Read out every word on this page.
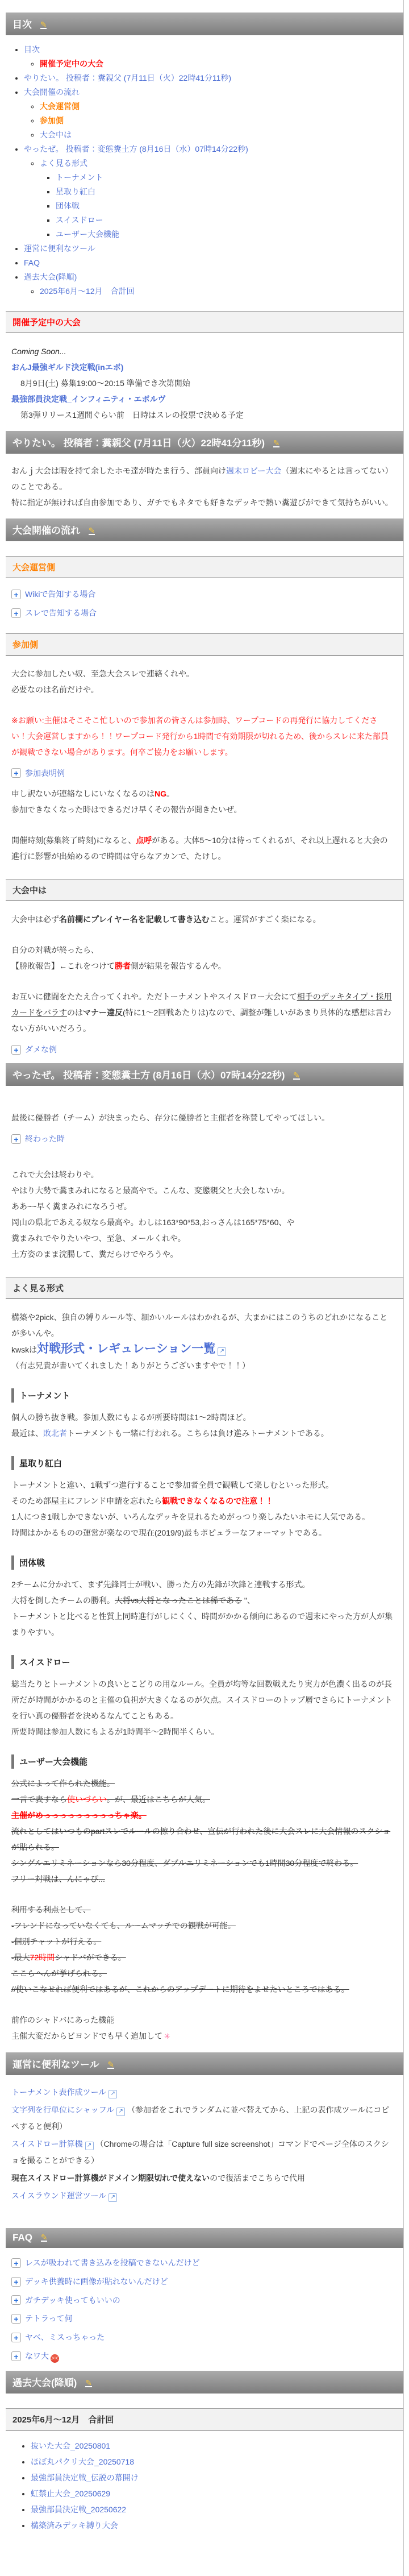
目次 ✎
• 目次
◦ 開催予定中の大会
• やりたい。 投稿者：糞親父 (7月11日（火）22時41分11秒)
• 大会開催の流れ
◦ 大会運営側
◦ 参加側
◦ 大会中は
• やったぜ。 投稿者：変態糞土方 (8月16日（水）07時14分22秒)
◦ よく見る形式
▪ トーナメント
▪ 星取り紅白
▪ 団体戦
▪ スイスドロー
▪ ユーザー大会機能
• 運営に便利なツール
• FAQ
• 過去大会(降順)
◦ 2025年6月～12月　合計回
開催予定中の大会

Coming Soon...

おんJ最強ギルド決定戦(inエボ)

8月9日(土) 募集19:00～20:15 準備でき次第開始

最強部員決定戦_インフィニティ・エボルヴ

第3弾リリース1週間ぐらい前　日時はスレの投票で決める予定

やりたい。 投稿者：糞親父 (7月11日（火）22時41分11秒) ✎

おんｊ大会は暇を持て余したホモ達が時たま行う、部員向け週末ロビー大会（週末にやるとは言ってない）のことである。

特に指定が無ければ自由参加であり、ガチでもネタでも好きなデッキで熱い糞遊びができて気持ちがいい。

大会開催の流れ ✎
大会運営側
+ Wikiで告知する場合
+ スレで告知する場合
参加側

大会に参加したい奴、至急大会スレで連絡くれや。

必要なのは名前だけや。

※お願い:主催はそこそこ忙しいので参加者の皆さんは参加時、ワープコードの再発行に協力してください！大会運営しますから！！ワープコード発行から1時間で有効期限が切れるため、後からスレに来た部員が観戦できない場合があります。何卒ご協力をお願いします。

+ 参加表明例

申し訳ないが連絡なしにいなくなるのはNG。

参加できなくなった時はできるだけ早くその報告が聞きたいぜ。

開催時刻(募集終了時刻)になると、点呼がある。大体5～10分は待ってくれるが、それ以上遅れると大会の進行に影響が出始めるので時間は守らなアカンで、たけし。

大会中は

大会中は必ず名前欄にプレイヤー名を記載して書き込むこと。運営がすごく楽になる。

自分の対戦が終ったら、

【勝敗報告】←これをつけて勝者側が結果を報告するんや。

お互いに健闘をたたえ合ってくれや。ただトーナメントやスイスドロー大会にて相手のデッキタイプ・採用カードをバラすのはマナー違反(特に1～2回戦あたりは)なので、調整が難しいがあまり具体的な感想は言わない方がいいだろう。

+ ダメな例
やったぜ。 投稿者：変態糞土方 (8月16日（水）07時14分22秒) ✎

最後に優勝者（チーム）が決まったら、存分に優勝者と主催者を称賛してやってほしい。

+ 終わった時

これで大会は終わりや。

やはり大勢で糞まみれになると最高やで。こんな、変態親父と大会しないか。

ああ~~早く糞まみれになろうぜ。

岡山の県北であえる奴なら最高や。わしは163*90*53,おっさんは165*75*60、や

糞まみれでやりたいやつ、至急、メールくれや。

土方姿のまま浣腸して、糞だらけでやろうや。

よく見る形式

構築や2pick、独自の縛りルール等、細かいルールはわかれるが、大まかにはこのうちのどれかになることが多いんや。

kwskは対戦形式・レギュレーション一覧 ↗

（有志兄貴が書いてくれました！ありがとうございますやで！！）

トーナメント

個人の勝ち抜き戦。参加人数にもよるが所要時間は1～2時間ほど。

最近は、敗北者トーナメントも一緒に行われる。こちらは負け進みトーナメントである。

星取り紅白

トーナメントと違い、1戦ずつ進行することで参加者全員で観戦して楽しむといった形式。

そのため部屋主にフレンド申請を忘れたら観戦できなくなるので注意！！

1人につき1戦しかできないが、いろんなデッキを見れるためがっつり楽しみたいホモに人気である。

時間はかかるものの運営が楽なので現在(2019/9)最もポピュラーなフォーマットである。

団体戦

2チームに分かれて、まず先鋒同士が戦い、勝った方の先鋒が次鋒と連戦する形式。

大将を倒したチームの勝利。大将vs大将となったことは稀である "、

トーナメントと比べると性質上同時進行がしにくく、時間がかかる傾向にあるので週末にやった方が人が集まりやすい。

スイスドロー

総当たりとトーナメントの良いとこどりの用なルール。全員が均等な回数戦えたり実力が色濃く出るのが長所だが時間がかかるのと主催の負担が大きくなるのが欠点。スイスドローのトップ層でさらにトーナメントを行い真の優勝者を決めるなんてこともある。

所要時間は参加人数にもよるが1時間半～2時間半くらい。

ユーザー大会機能

公式によって作られた機能。

一言で表すなら使いづらい。が、最近はこちらが人気。

主催がめっっっっっっっっっちゃ楽。

流れとしてはいつものpartスレでルールの擦り合わせ、宣伝が行われた後に大会スレに大会情報のスクショが貼られる。

シングルエリミネーションなら30分程度、ダブルエリミネーションでも1時間30分程度で終わる。

フリー対戦は、んにゃぴ...

利用する利点として、

-フレンドになっていなくても、ルームマッチでの観戦が可能。

-個別チャットが行える。

-最大72時間シャドバができる。

ここらへんが挙げられる。

//使いこなせれば便利ではあるが、これからのアップデートに期待をよせたいところではある。

前作のシャドバにあった機能

主催大変だからビヨンドでも早く追加して ✳

運営に便利なツール ✎

トーナメント表作成ツール ↗

文字列を行単位にシャッフル ↗ （参加者をこれでランダムに並べ替えてから、上記の表作成ツールにコピペすると便利）

スイスドロー計算機 ↗ （Chromeの場合は「Capture full size screenshot」コマンドでページ全体のスクショを撮ることができる）

現在スイスドロー計算機がドメイン期限切れで使えないので復活までこちらで代用

スイスラウンド運営ツール ↗

FAQ ✎
+ レスが吸われて書き込みを投稿できないんだけど
+ デッキ供養時に画像が貼れないんだけど
+ ガチデッキ使ってもいいの
+ テトラって何
+ ヤベ、ミスっちゃった
+ なワ大 ＞＜
過去大会(降順) ✎
2025年6月～12月　合計回
• 抜いた大会_20250801
• ほぼ丸パクリ大会_20250718
• 最強部員決定戦_伝説の幕開け
• 虹禁止大会_20250629
• 最強部員決定戦_20250622
• 構築済みデッキ縛り大会
